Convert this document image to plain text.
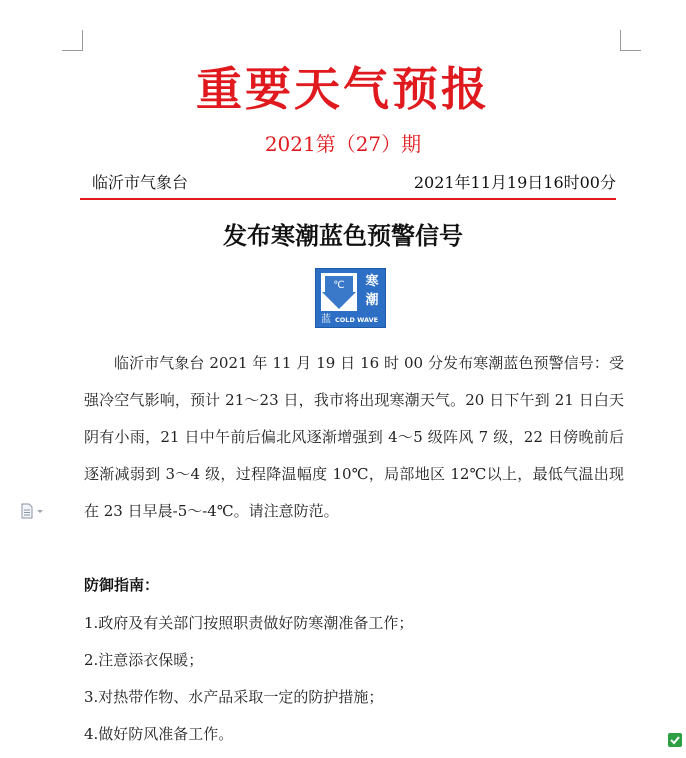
重要天气预报
2021第（27）期
临沂市气象台	2021年11月19日16时00分
发布寒潮蓝色预警信号
℃	寒
潮
蓝 COLD WAVE

临沂市气象台 2021 年 11 月 19 日 16 时 00 分发布寒潮蓝色预警信号：受强冷空气影响，预计 21～23 日，我市将出现寒潮天气。20 日下午到 21 日白天阴有小雨，21 日中午前后偏北风逐渐增强到 4～5 级阵风 7 级，22 日傍晚前后逐渐减弱到 3～4 级，过程降温幅度 10℃，局部地区 12℃以上，最低气温出现在 23 日早晨-5～-4℃。请注意防范。

防御指南：
1.政府及有关部门按照职责做好防寒潮准备工作；
2.注意添衣保暖；
3.对热带作物、水产品采取一定的防护措施；
4.做好防风准备工作。
